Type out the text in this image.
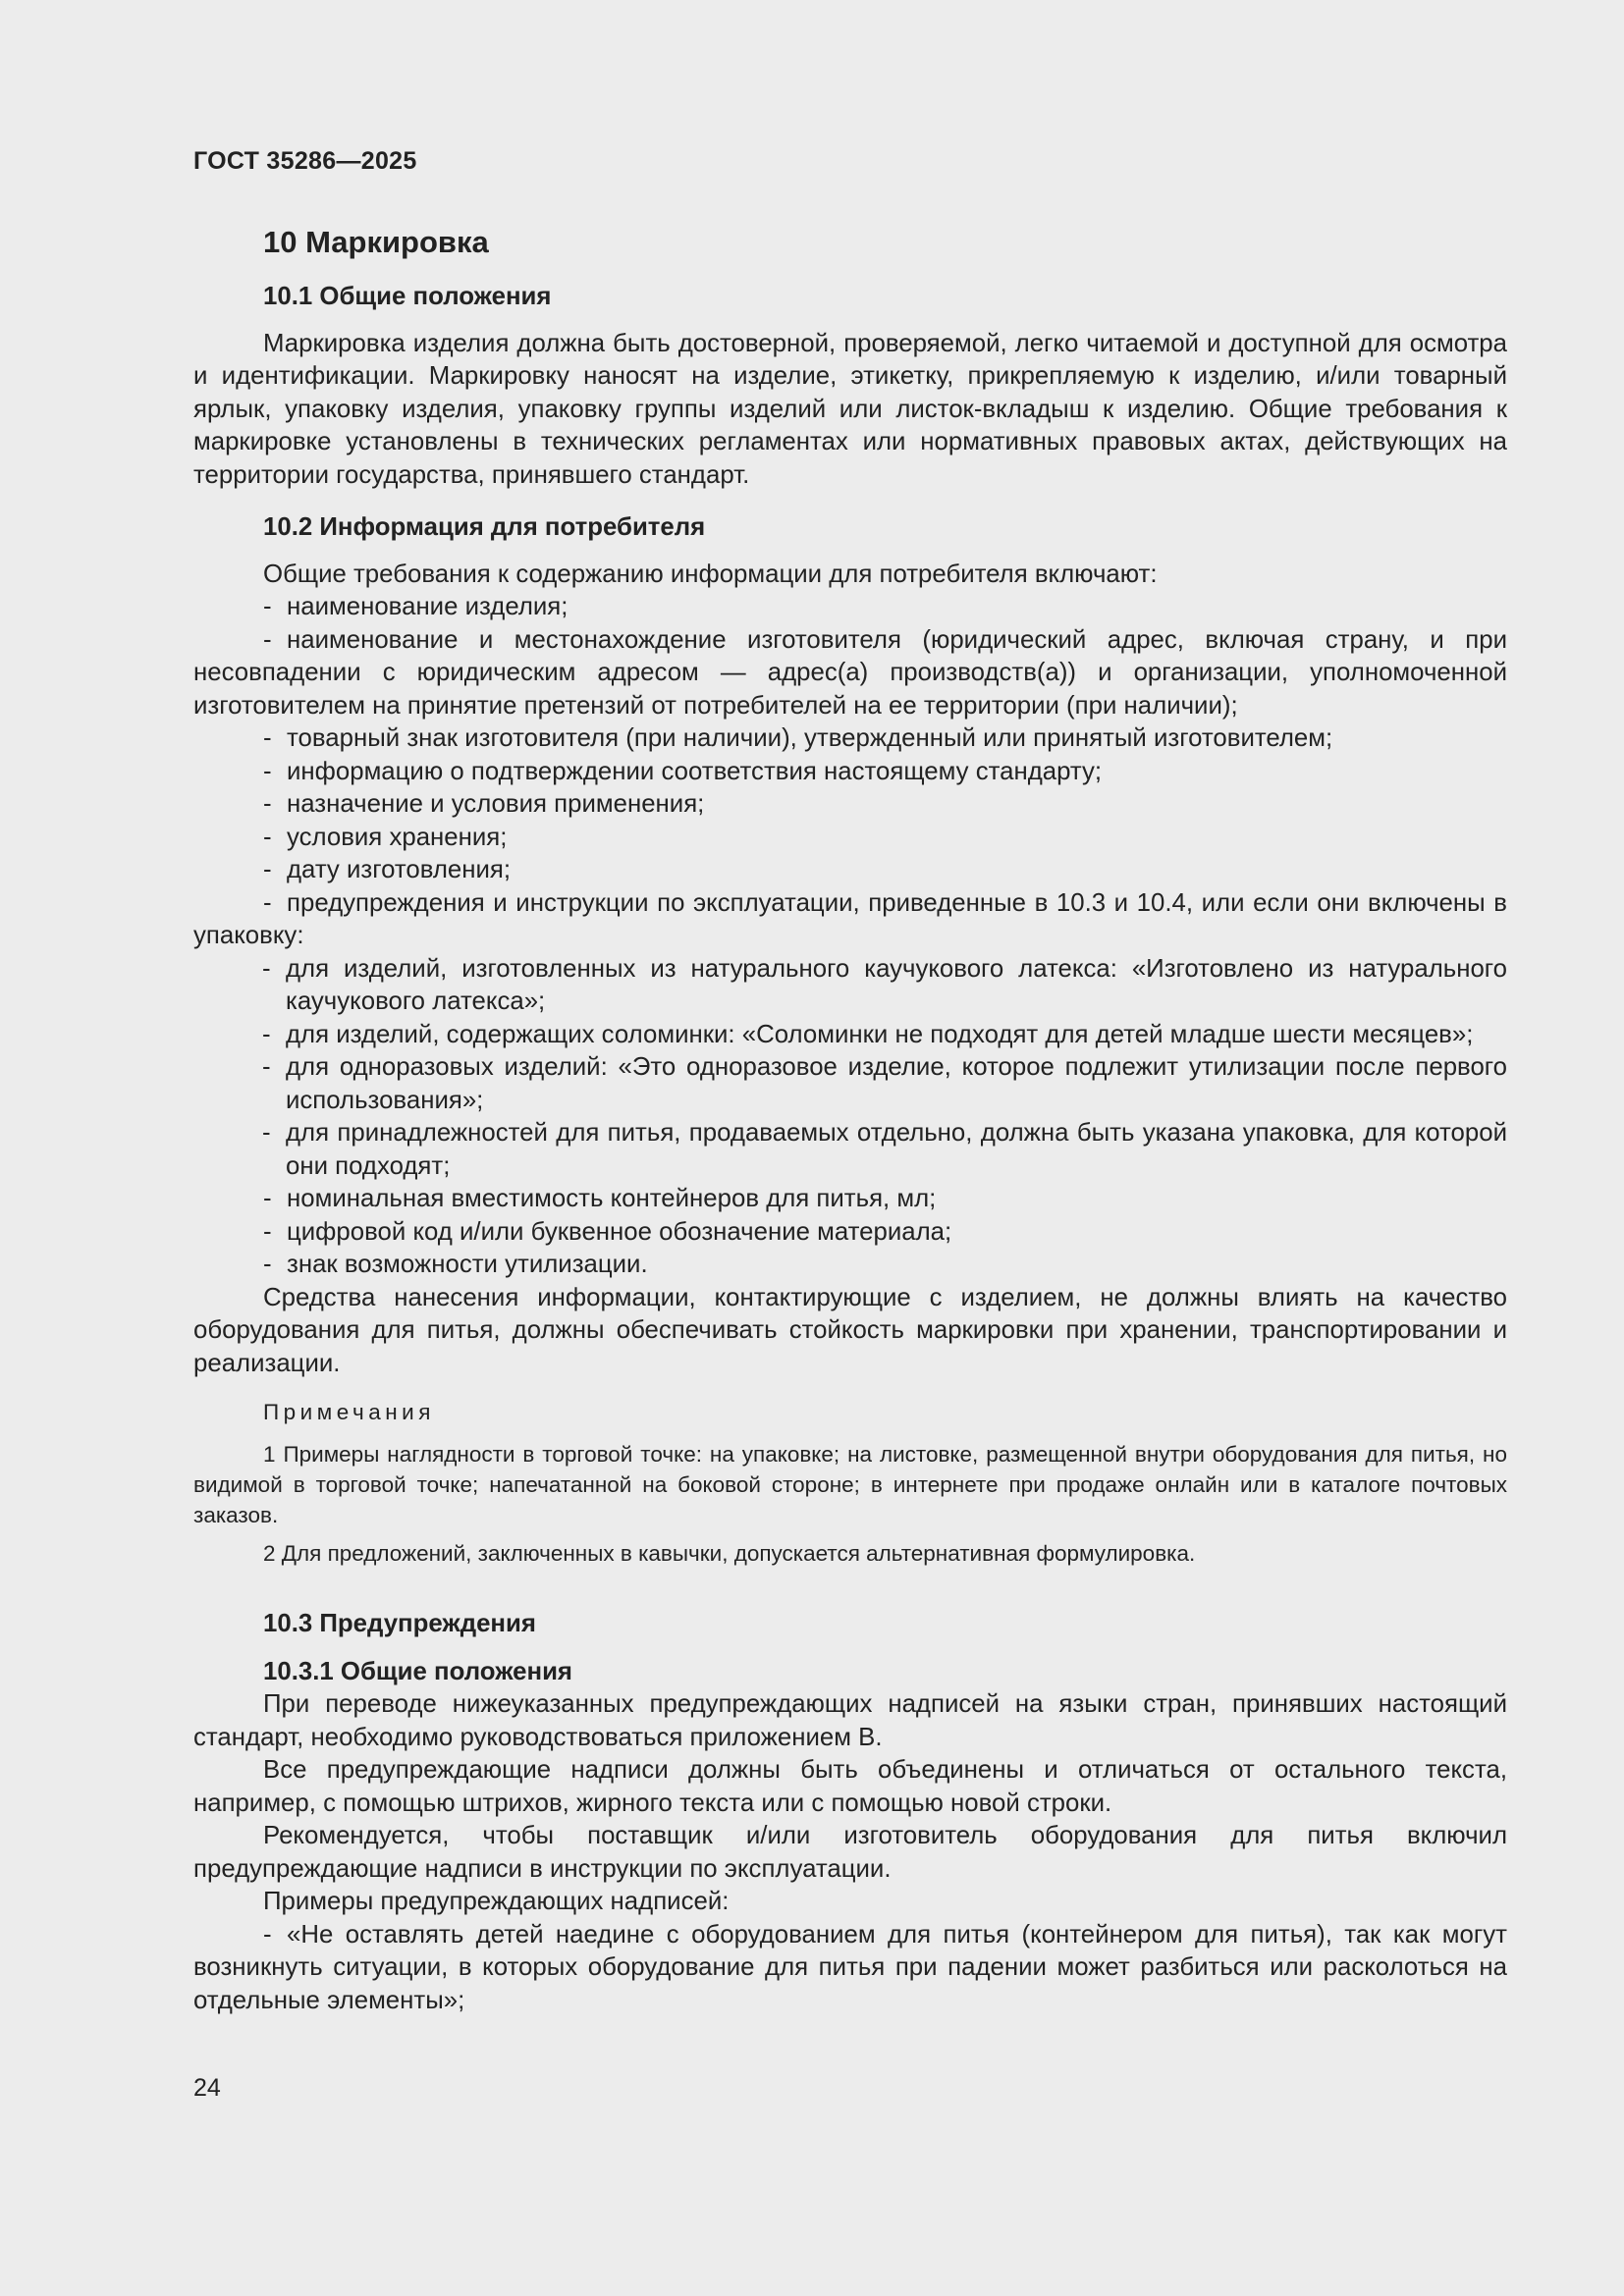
ГОСТ 35286—2025
10 Маркировка
10.1 Общие положения

Маркировка изделия должна быть достоверной, проверяемой, легко читаемой и доступной для осмотра и идентификации. Маркировку наносят на изделие, этикетку, прикрепляемую к изделию, и/или товарный ярлык, упаковку изделия, упаковку группы изделий или листок-вкладыш к изделию. Общие требования к маркировке установлены в технических регламентах или нормативных правовых актах, действующих на территории государства, принявшего стандарт.

10.2 Информация для потребителя

Общие требования к содержанию информации для потребителя включают:

- наименование изделия;

- наименование и местонахождение изготовителя (юридический адрес, включая страну, и при несовпадении с юридическим адресом — адрес(а) производств(а)) и организации, уполномоченной изготовителем на принятие претензий от потребителей на ее территории (при наличии);

- товарный знак изготовителя (при наличии), утвержденный или принятый изготовителем;

- информацию о подтверждении соответствия настоящему стандарту;

- назначение и условия применения;

- условия хранения;

- дату изготовления;

- предупреждения и инструкции по эксплуатации, приведенные в 10.3 и 10.4, или если они включены в упаковку:

- для изделий, изготовленных из натурального каучукового латекса: «Изготовлено из натурального каучукового латекса»;

- для изделий, содержащих соломинки: «Соломинки не подходят для детей младше шести месяцев»;

- для одноразовых изделий: «Это одноразовое изделие, которое подлежит утилизации после первого использования»;

- для принадлежностей для питья, продаваемых отдельно, должна быть указана упаковка, для которой они подходят;

- номинальная вместимость контейнеров для питья, мл;

- цифровой код и/или буквенное обозначение материала;

- знак возможности утилизации.

Средства нанесения информации, контактирующие с изделием, не должны влиять на качество оборудования для питья, должны обеспечивать стойкость маркировки при хранении, транспортировании и реализации.

Примечания

1 Примеры наглядности в торговой точке: на упаковке; на листовке, размещенной внутри оборудования для питья, но видимой в торговой точке; напечатанной на боковой стороне; в интернете при продаже онлайн или в каталоге почтовых заказов.

2 Для предложений, заключенных в кавычки, допускается альтернативная формулировка.

10.3 Предупреждения
10.3.1 Общие положения

При переводе нижеуказанных предупреждающих надписей на языки стран, принявших настоящий стандарт, необходимо руководствоваться приложением В.

Все предупреждающие надписи должны быть объединены и отличаться от остального текста, например, с помощью штрихов, жирного текста или с помощью новой строки.

Рекомендуется, чтобы поставщик и/или изготовитель оборудования для питья включил предупреждающие надписи в инструкции по эксплуатации.

Примеры предупреждающих надписей:

- «Не оставлять детей наедине с оборудованием для питья (контейнером для питья), так как могут возникнуть ситуации, в которых оборудование для питья при падении может разбиться или расколоться на отдельные элементы»;

24
